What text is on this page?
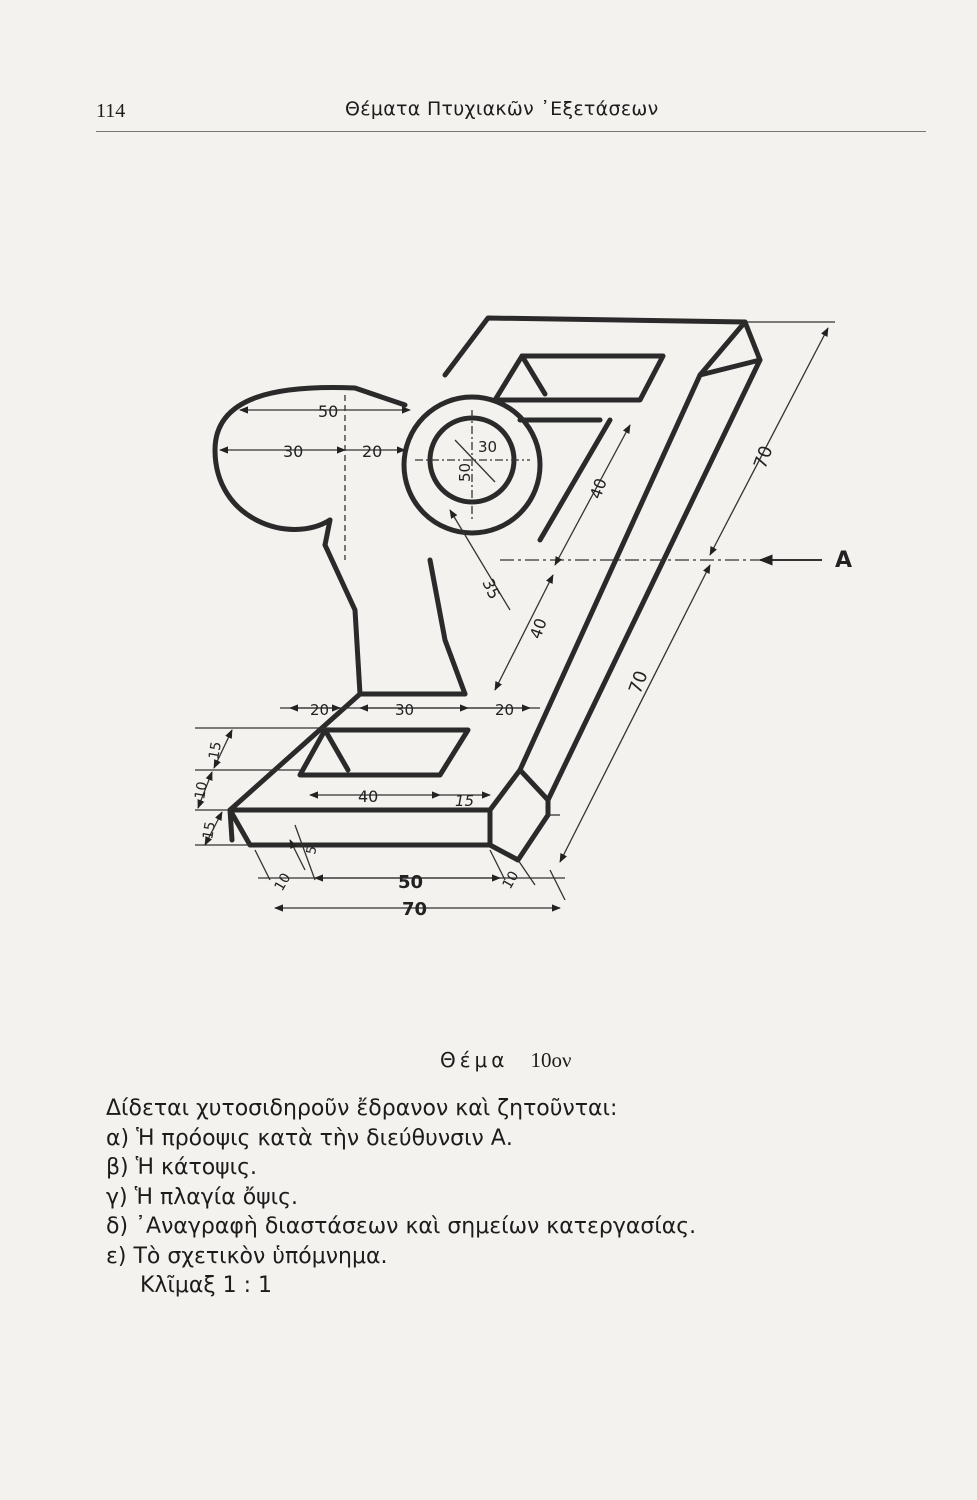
114	Θέματα Πτυχιακῶν ᾿Εξετάσεων
50
30	20	30
50
35
40
40
70
70
A
20	30	20
15
10
15
40	15
5
10	50	10
70
Θέμα 10ον
Δίδεται χυτοσιδηροῦν ἔδρανον καὶ ζητοῦνται:
α) Ἡ πρόοψις κατὰ τὴν διεύθυνσιν Α.
β) Ἡ κάτοψις.
γ) Ἡ πλαγία ὄψις.
δ) ᾿Αναγραφὴ διαστάσεων καὶ σημείων κατεργασίας.
ε) Τὸ σχετικὸν ὑπόμνημα.
Κλῖμαξ 1 : 1
